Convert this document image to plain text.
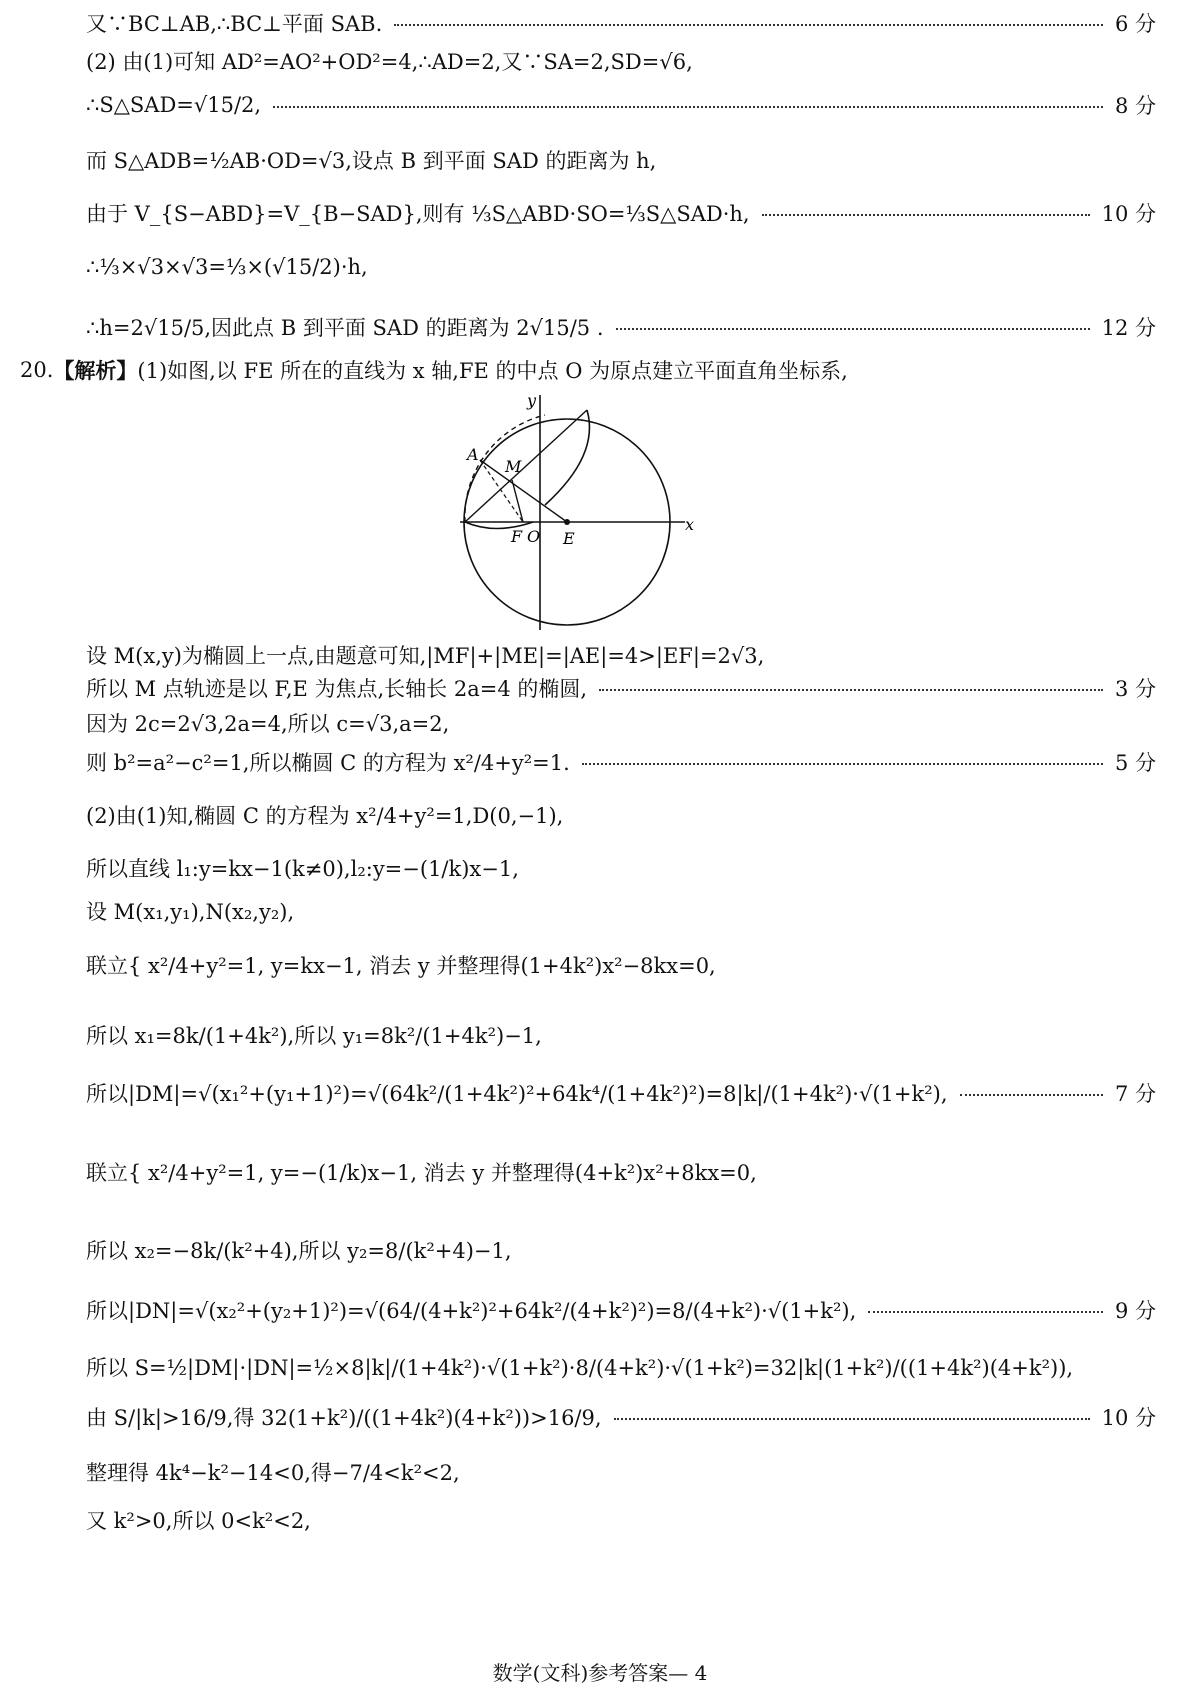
又∵BC⊥AB,∴BC⊥平面 SAB.	6 分
(2) 由(1)可知 AD²=AO²+OD²=4,∴AD=2,又∵SA=2,SD=√6,
∴S△SAD=√15/2,	8 分
而 S△ADB=½AB·OD=√3,设点 B 到平面 SAD 的距离为 h,
由于 V_{S−ABD}=V_{B−SAD},则有 ⅓S△ABD·SO=⅓S△SAD·h,	10 分
∴⅓×√3×√3=⅓×(√15/2)·h,
∴h=2√15/5,因此点 B 到平面 SAD 的距离为 2√15/5 .	12 分
20. 【解析】 (1)如图,以 FE 所在的直线为 x 轴,FE 的中点 O 为原点建立平面直角坐标系,
y
x
A
M
F O E
设 M(x,y)为椭圆上一点,由题意可知,|MF|+|ME|=|AE|=4>|EF|=2√3,
所以 M 点轨迹是以 F,E 为焦点,长轴长 2a=4 的椭圆,	3 分
因为 2c=2√3,2a=4,所以 c=√3,a=2,
则 b²=a²−c²=1,所以椭圆 C 的方程为 x²/4+y²=1.	5 分
(2)由(1)知,椭圆 C 的方程为 x²/4+y²=1,D(0,−1),
所以直线 l₁:y=kx−1(k≠0),l₂:y=−(1/k)x−1,
设 M(x₁,y₁),N(x₂,y₂),
联立{ x²/4+y²=1, y=kx−1, 消去 y 并整理得(1+4k²)x²−8kx=0,
所以 x₁=8k/(1+4k²),所以 y₁=8k²/(1+4k²)−1,
所以|DM|=√(x₁²+(y₁+1)²)=√(64k²/(1+4k²)²+64k⁴/(1+4k²)²)=8|k|/(1+4k²)·√(1+k²),	7 分
联立{ x²/4+y²=1, y=−(1/k)x−1, 消去 y 并整理得(4+k²)x²+8kx=0,
所以 x₂=−8k/(k²+4),所以 y₂=8/(k²+4)−1,
所以|DN|=√(x₂²+(y₂+1)²)=√(64/(4+k²)²+64k²/(4+k²)²)=8/(4+k²)·√(1+k²),	9 分
所以 S=½|DM|·|DN|=½×8|k|/(1+4k²)·√(1+k²)·8/(4+k²)·√(1+k²)=32|k|(1+k²)/((1+4k²)(4+k²)),
由 S/|k|>16/9,得 32(1+k²)/((1+4k²)(4+k²))>16/9,	10 分
整理得 4k⁴−k²−14<0,得−7/4<k²<2,
又 k²>0,所以 0<k²<2,
数学(文科)参考答案— 4
